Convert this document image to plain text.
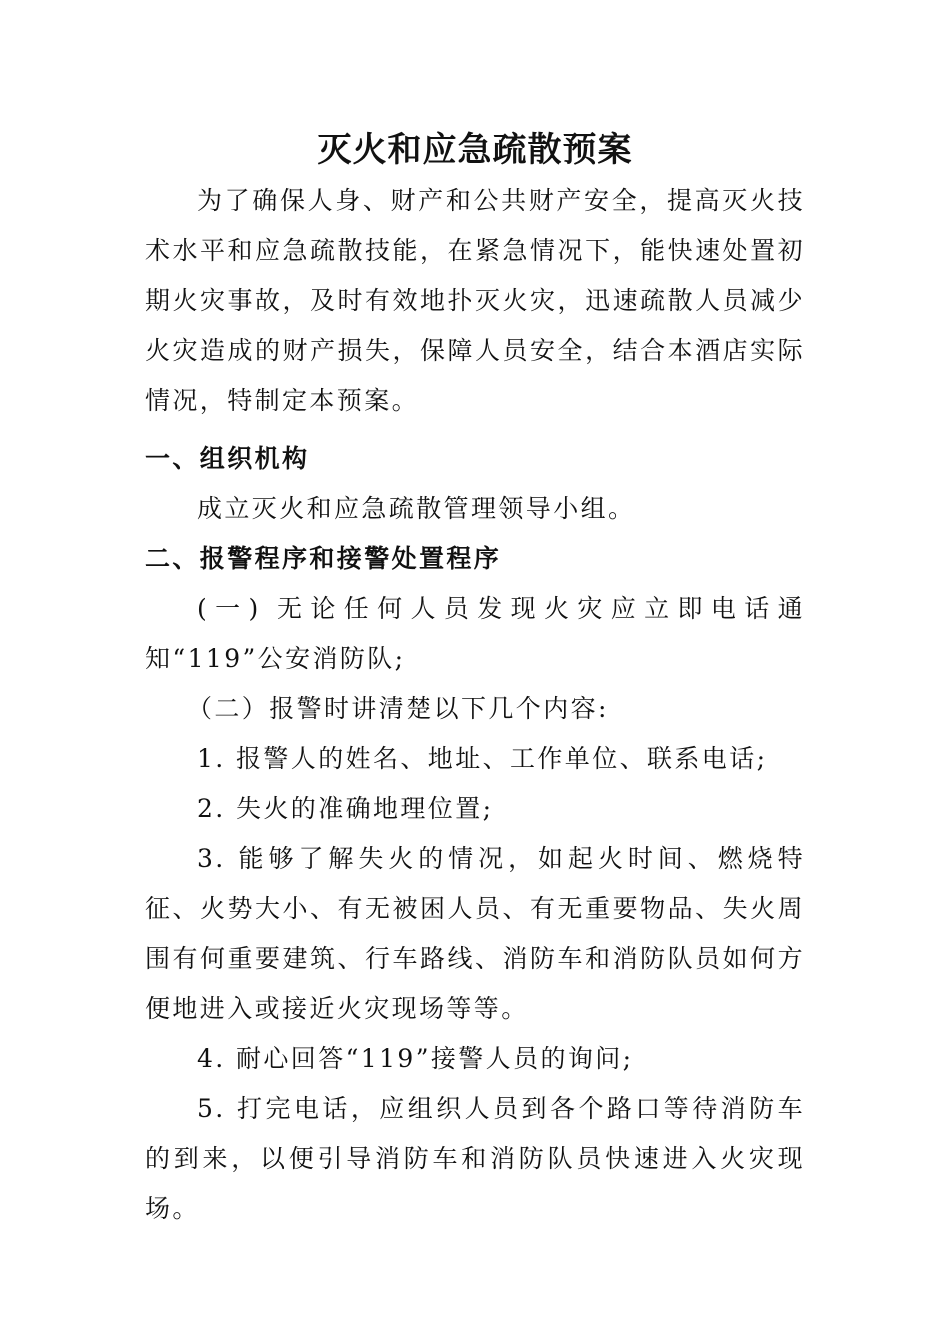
灭火和应急疏散预案
为了确保人身、财产和公共财产安全，提高灭火技术水平和应急疏散技能，在紧急情况下，能快速处置初期火灾事故，及时有效地扑灭火灾，迅速疏散人员减少火灾造成的财产损失，保障人员安全，结合本酒店实际情况，特制定本预案。
一、组织机构
成立灭火和应急疏散管理领导小组。
二、报警程序和接警处置程序
(一) 无论任何人员发现火灾应立即电话通知“119”公安消防队;
（二）报警时讲清楚以下几个内容:
1. 报警人的姓名、地址、工作单位、联系电话;
2. 失火的准确地理位置;
3. 能够了解失火的情况，如起火时间、燃烧特征、火势大小、有无被困人员、有无重要物品、失火周围有何重要建筑、行车路线、消防车和消防队员如何方便地进入或接近火灾现场等等。
4. 耐心回答“119”接警人员的询问;
5. 打完电话，应组织人员到各个路口等待消防车的到来，以便引导消防车和消防队员快速进入火灾现场。
